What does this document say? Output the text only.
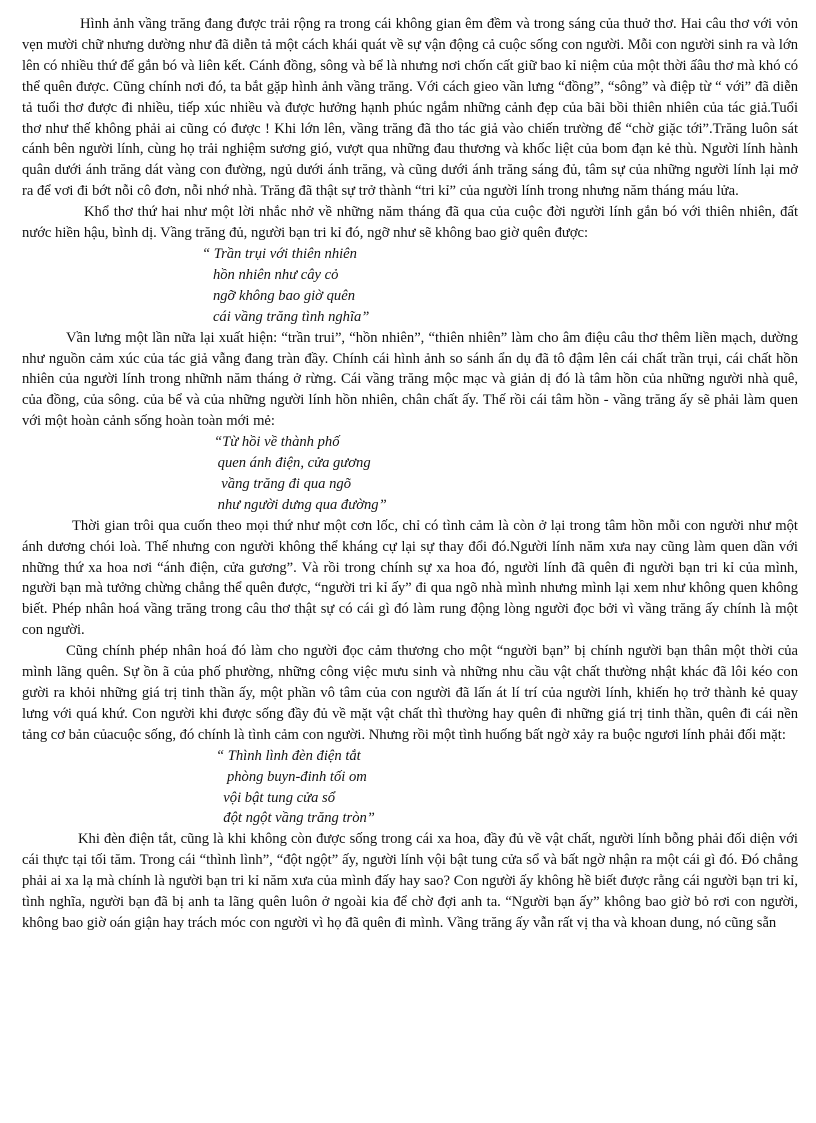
Hình ảnh vầng trăng đang được trải rộng ra trong cái không gian êm đềm và trong sáng của thuở thơ. Hai câu thơ với vỏn vẹn mười chữ nhưng dường như đã diễn tả một cách khái quát về sự vận động cả cuộc sống con người. Mỗi con người sinh ra và lớn lên có nhiều thứ để gắn bó và liên kết. Cánh đồng, sông và bể là nhưng nơi chốn cất giữ bao kỉ niệm của một thời ấâu thơ mà khó có thể quên được. Cũng chính nơi đó, ta bắt gặp hình ảnh vầng trăng. Với cách gieo vần lưng “đồng”, “sông” và điệp từ “ với” đã diễn tả tuổi thơ được đi nhiều, tiếp xúc nhiều và được hưởng hạnh phúc ngắm những cảnh đẹp của bãi bồi thiên nhiên của tác giả.Tuổi thơ như thế không phải ai cũng có được ! Khi lớn lên, vầng trăng đã tho tác giả vào chiến trường để “chờ giặc tới”.Trăng luôn sát cánh bên người lính, cùng họ trải nghiệm sương gió, vượt qua những đau thương và khốc liệt của bom đạn kẻ thù. Người lính hành quân dưới ánh trăng dát vàng con đường, ngủ dưới ánh trăng, và cũng dưới ánh trăng sáng đủ, tâm sự của những người lính lại mở ra để vơi đi bớt nỗi cô đơn, nỗi nhớ nhà. Trăng đã thật sự trở thành “tri kỉ” của người lính trong nhưng năm tháng máu lửa.

Khổ thơ thứ hai như một lời nhắc nhở về những năm tháng đã qua của cuộc đời người lính gắn bó với thiên nhiên, đất nước hiền hậu, bình dị. Vầng trăng đủ, người bạn tri kỉ đó, ngỡ như sẽ không bao giờ quên được:

“ Trần trụi với thiên nhiên
hồn nhiên như cây cỏ
ngỡ không bao giờ quên
cái vầng trăng tình nghĩa”

Vần lưng một lần nữa lại xuất hiện: “trần trui”, “hồn nhiên”, “thiên nhiên” làm cho âm điệu câu thơ thêm liền mạch, dường như nguồn cảm xúc của tác giả vẫng đang tràn đầy. Chính cái hình ảnh so sánh ẩn dụ đã tô đậm lên cái chất trần trụi, cái chất hồn nhiên của người lính trong nhữnh năm tháng ở rừng. Cái vầng trăng mộc mạc và giản dị đó là tâm hồn của những người nhà quê, của đồng, của sông. của bể và của những người lính hồn nhiên, chân chất ấy. Thế rồi cái tâm hồn - vầng trăng ấy sẽ phải làm quen với một hoàn cảnh sống hoàn toàn mới mẻ:

“Từ hồi về thành phố
quen ánh điện, cửa gương
vầng trăng đi qua ngõ
như người dưng qua đường”

Thời gian trôi qua cuốn theo mọi thứ như một cơn lốc, chỉ có tình cảm là còn ở lại trong tâm hồn mỗi con người như một ánh dương chói loà. Thế nhưng con người không thể kháng cự lại sự thay đổi đó.Người lính năm xưa nay cũng làm quen dần với những thứ xa hoa nơi “ánh điện, cửa gương”. Và rồi trong chính sự xa hoa đó, người lính đã quên đi người bạn tri kỉ của mình, người bạn mà tưởng chừng chẳng thể quên được, “người tri kỉ ấy” đi qua ngõ nhà mình nhưng mình lại xem như không quen không biết. Phép nhân hoá vầng trăng trong câu thơ thật sự có cái gì đó làm rung động lòng người đọc bởi vì vầng trăng ấy chính là một con người.

Cũng chính phép nhân hoá đó làm cho người đọc cảm thương cho một “người bạn” bị chính người bạn thân một thời của mình lãng quên. Sự ồn ã của phố phường, những công việc mưu sinh và những nhu cầu vật chất thường nhật khác đã lôi kéo con gười ra khỏi những giá trị tinh thần ấy, một phần vô tâm của con người đã lấn át lí trí của người lính, khiến họ trở thành kẻ quay lưng với quá khứ. Con người khi được sống đầy đủ về mặt vật chất thì thường hay quên đi những giá trị tinh thần, quên đi cái nền tảng cơ bản củacuộc sống, đó chính là tình cảm con người. Nhưng rồi một tình huống bất ngờ xảy ra buộc ngươi lính phải đối mặt:

“ Thình lình đèn điện tắt
phòng buyn-đinh tối om
vội bật tung cửa sổ
đột ngột vầng trăng tròn”

Khi đèn điện tắt, cũng là khi không còn được sống trong cái xa hoa, đầy đủ về vật chất, người lính bỗng phải đối diện với cái thực tại tối tăm. Trong cái “thình lình”, “đột ngột” ấy, người lính vội bật tung cửa sổ và bất ngờ nhận ra một cái gì đó. Đó chẳng phải ai xa lạ mà chính là người bạn tri kỉ năm xưa của mình đấy hay sao? Con người ấy không hề biết được rằng cái người bạn tri kỉ, tình nghĩa, người bạn đã bị anh ta lãng quên luôn ở ngoài kia để chờ đợi anh ta. “Người bạn ấy” không bao giờ bỏ rơi con người, không bao giờ oán giận hay trách móc con người vì họ đã quên đi mình. Vầng trăng ấy vẫn rất vị tha và khoan dung, nó cũng sẵn
